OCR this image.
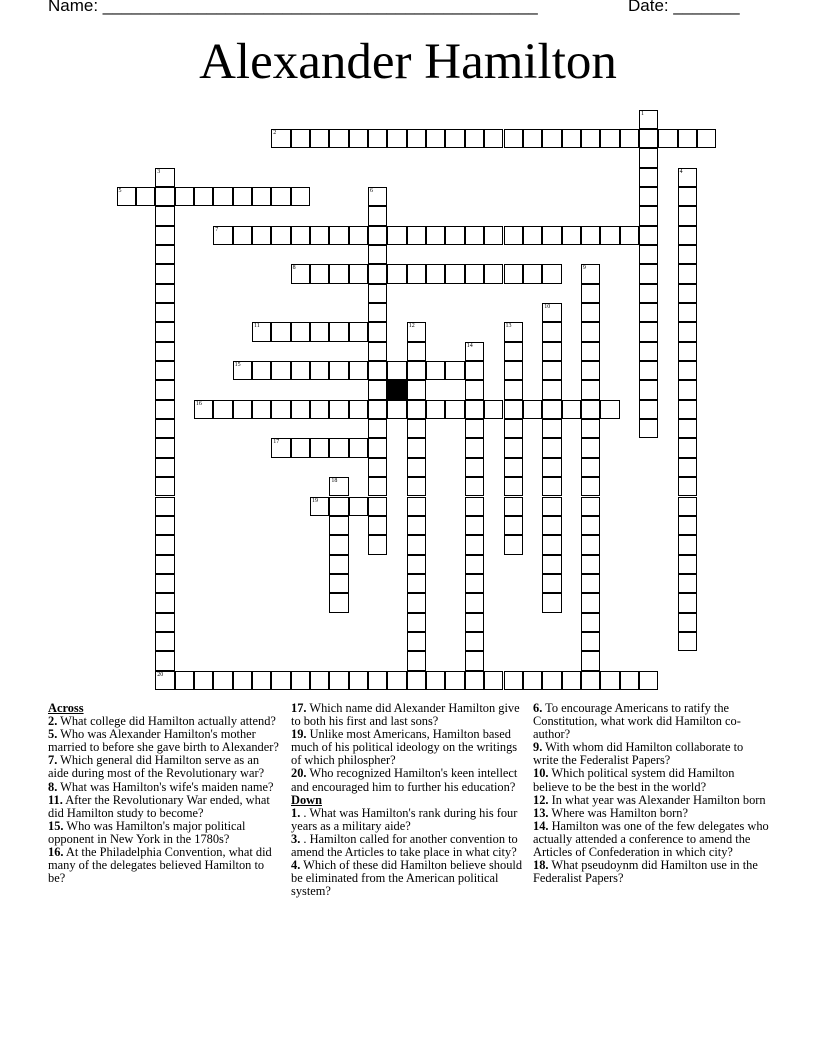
Name: ______________________________________________	Date: _______
Alexander Hamilton
1
2
3	4
5	6
7
8	9
10
11	12	13
14
15
16
17
18
19
20
Across
2. What college did Hamilton actually attend?
5. Who was Alexander Hamilton's mother married to before she gave birth to Alexander?
7. Which general did Hamilton serve as an aide during most of the Revolutionary war?
8. What was Hamilton's wife's maiden name?
11. After the Revolutionary War ended, what did Hamilton study to become?
15. Who was Hamilton's major political opponent in New York in the 1780s?
16. At the Philadelphia Convention, what did many of the delegates believed Hamilton to be?
17. Which name did Alexander Hamilton give to both his first and last sons?
19. Unlike most Americans, Hamilton based much of his political ideology on the writings of which philospher?
20. Who recognized Hamilton's keen intellect and encouraged him to further his education?
Down
1. . What was Hamilton's rank during his four years as a military aide?
3. . Hamilton called for another convention to amend the Articles to take place in what city?
4. Which of these did Hamilton believe should be eliminated from the American political system?
6. To encourage Americans to ratify the Constitution, what work did Hamilton co-author?
9. With whom did Hamilton collaborate to write the Federalist Papers?
10. Which political system did Hamilton believe to be the best in the world?
12. In what year was Alexander Hamilton born
13. Where was Hamilton born?
14. Hamilton was one of the few delegates who actually attended a conference to amend the Articles of Confederation in which city?
18. What pseudoynm did Hamilton use in the Federalist Papers?
